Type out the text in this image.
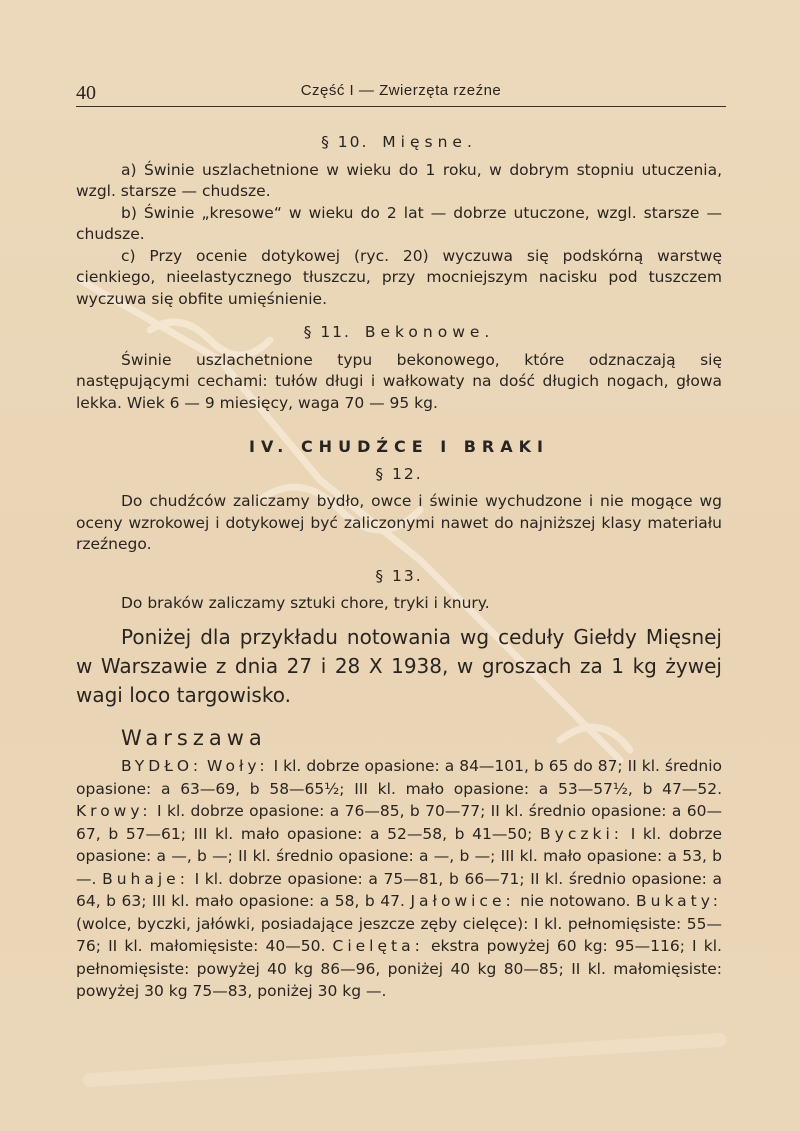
40	Część I — Zwierzęta rzeźne
§ 10. Mięsne.

a) Świnie uszlachetnione w wieku do 1 roku, w dobrym stopniu utuczenia, wzgl. starsze — chudsze.

b) Świnie „kresowe“ w wieku do 2 lat — dobrze utuczone, wzgl. starsze — chudsze.

c) Przy ocenie dotykowej (ryc. 20) wyczuwa się podskórną warstwę cienkiego, nieelastycznego tłuszczu, przy mocniejszym nacisku pod tuszczem wyczuwa się obfite umięśnienie.

§ 11. Bekonowe.

Świnie uszlachetnione typu bekonowego, które odznaczają się następującymi cechami: tułów długi i wałkowaty na dość długich nogach, głowa lekka. Wiek 6 — 9 miesięcy, waga 70 — 95 kg.

IV. CHUDŹCE I BRAKI
§ 12.

Do chudźców zaliczamy bydło, owce i świnie wychudzone i nie mogące wg oceny wzrokowej i dotykowej być zaliczonymi nawet do najniższej klasy materiału rzeźnego.

§ 13.

Do braków zaliczamy sztuki chore, tryki i knury.

Poniżej dla przykładu notowania wg ceduły Giełdy Mięsnej w Warszawie z dnia 27 i 28 X 1938, w groszach za 1 kg żywej wagi loco targowisko.

Warszawa

BYDŁO: Woły: I kl. dobrze opasione: a 84—101, b 65 do 87; II kl. średnio opasione: a 63—69, b 58—65½; III kl. mało opasione: a 53—57½, b 47—52. Krowy: I kl. dobrze opasione: a 76—85, b 70—77; II kl. średnio opasione: a 60—67, b 57—61; III kl. mało opasione: a 52—58, b 41—50; Byczki: I kl. dobrze opasione: a —, b —; II kl. średnio opasione: a —, b —; III kl. mało opasione: a 53, b —. Buhaje: I kl. dobrze opasione: a 75—81, b 66—71; II kl. średnio opasione: a 64, b 63; III kl. mało opasione: a 58, b 47. Jałowice: nie notowano. Bukaty: (wolce, byczki, jałówki, posiadające jeszcze zęby cielęce): I kl. pełnomięsiste: 55—76; II kl. małomięsiste: 40—50. Cielęta: ekstra powyżej 60 kg: 95—116; I kl. pełnomięsiste: powyżej 40 kg 86—96, poniżej 40 kg 80—85; II kl. małomięsiste: powyżej 30 kg 75—83, poniżej 30 kg —.
